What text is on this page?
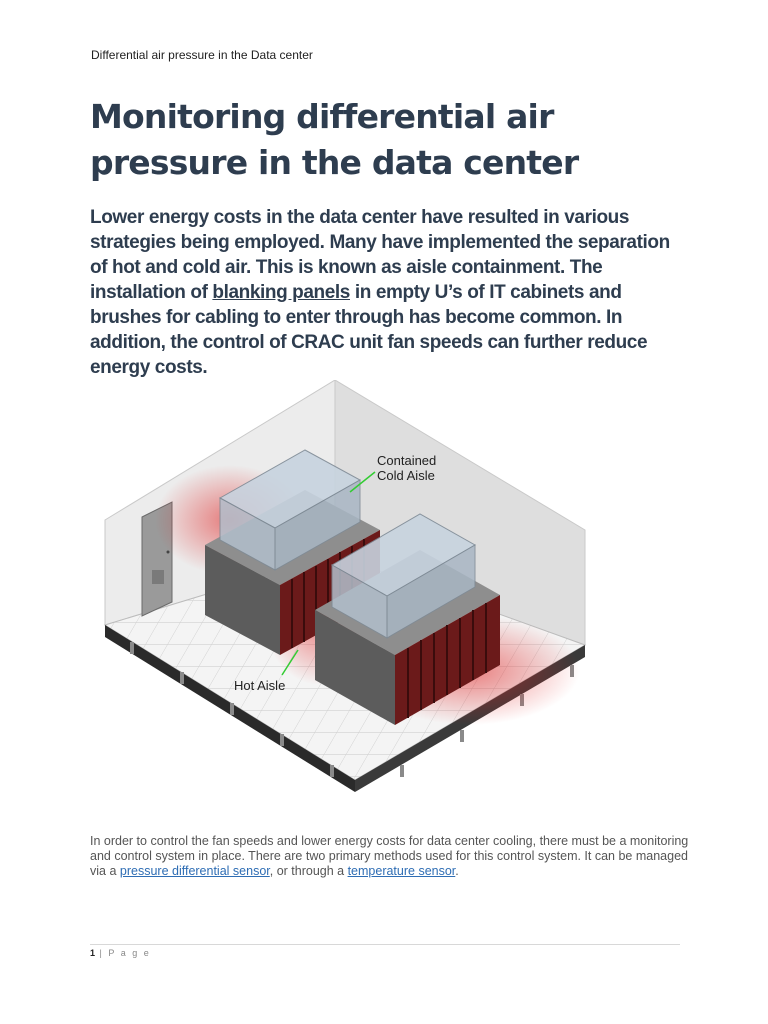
Differential air pressure in the Data center
Monitoring differential air pressure in the data center

Lower energy costs in the data center have resulted in various strategies being employed. Many have implemented the separation of hot and cold air. This is known as aisle containment. The installation of blanking panels in empty U’s of IT cabinets and brushes for cabling to enter through has become common. In addition, the control of CRAC unit fan speeds can further reduce energy costs.

Contained
Cold Aisle
Hot Aisle

In order to control the fan speeds and lower energy costs for data center cooling, there must be a monitoring and control system in place. There are two primary methods used for this control system. It can be managed via a pressure differential sensor, or through a temperature sensor.

1 | P a g e
